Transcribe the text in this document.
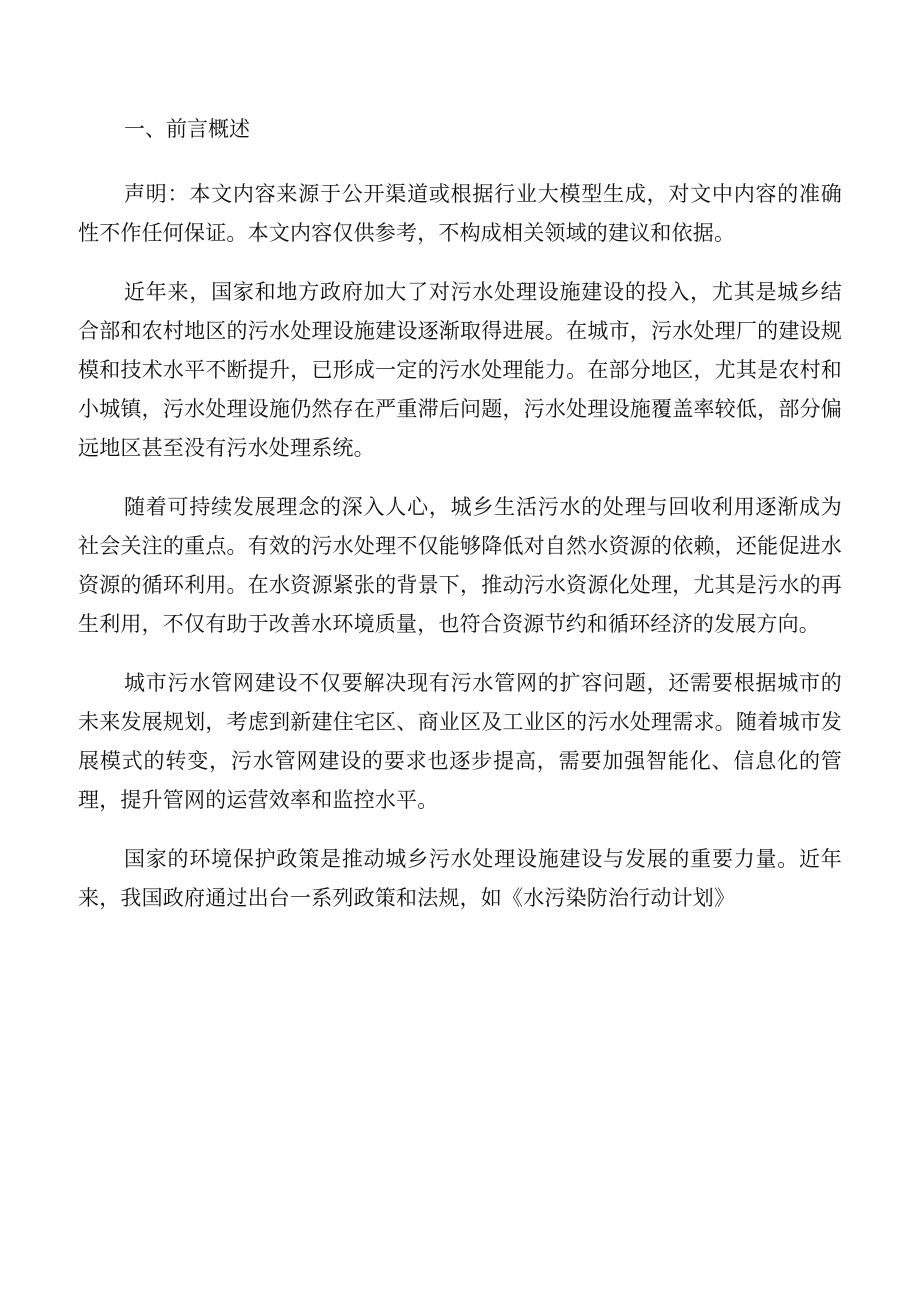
一、前言概述

声明：本文内容来源于公开渠道或根据行业大模型生成，对文中内容的准确性不作任何保证。本文内容仅供参考，不构成相关领域的建议和依据。

近年来，国家和地方政府加大了对污水处理设施建设的投入，尤其是城乡结合部和农村地区的污水处理设施建设逐渐取得进展。在城市，污水处理厂的建设规模和技术水平不断提升，已形成一定的污水处理能力。在部分地区，尤其是农村和小城镇，污水处理设施仍然存在严重滞后问题，污水处理设施覆盖率较低，部分偏远地区甚至没有污水处理系统。

随着可持续发展理念的深入人心，城乡生活污水的处理与回收利用逐渐成为社会关注的重点。有效的污水处理不仅能够降低对自然水资源的依赖，还能促进水资源的循环利用。在水资源紧张的背景下，推动污水资源化处理，尤其是污水的再生利用，不仅有助于改善水环境质量，也符合资源节约和循环经济的发展方向。

城市污水管网建设不仅要解决现有污水管网的扩容问题，还需要根据城市的未来发展规划，考虑到新建住宅区、商业区及工业区的污水处理需求。随着城市发展模式的转变，污水管网建设的要求也逐步提高，需要加强智能化、信息化的管理，提升管网的运营效率和监控水平。

国家的环境保护政策是推动城乡污水处理设施建设与发展的重要力量。近年来，我国政府通过出台一系列政策和法规，如《水污染防治行动计划》
